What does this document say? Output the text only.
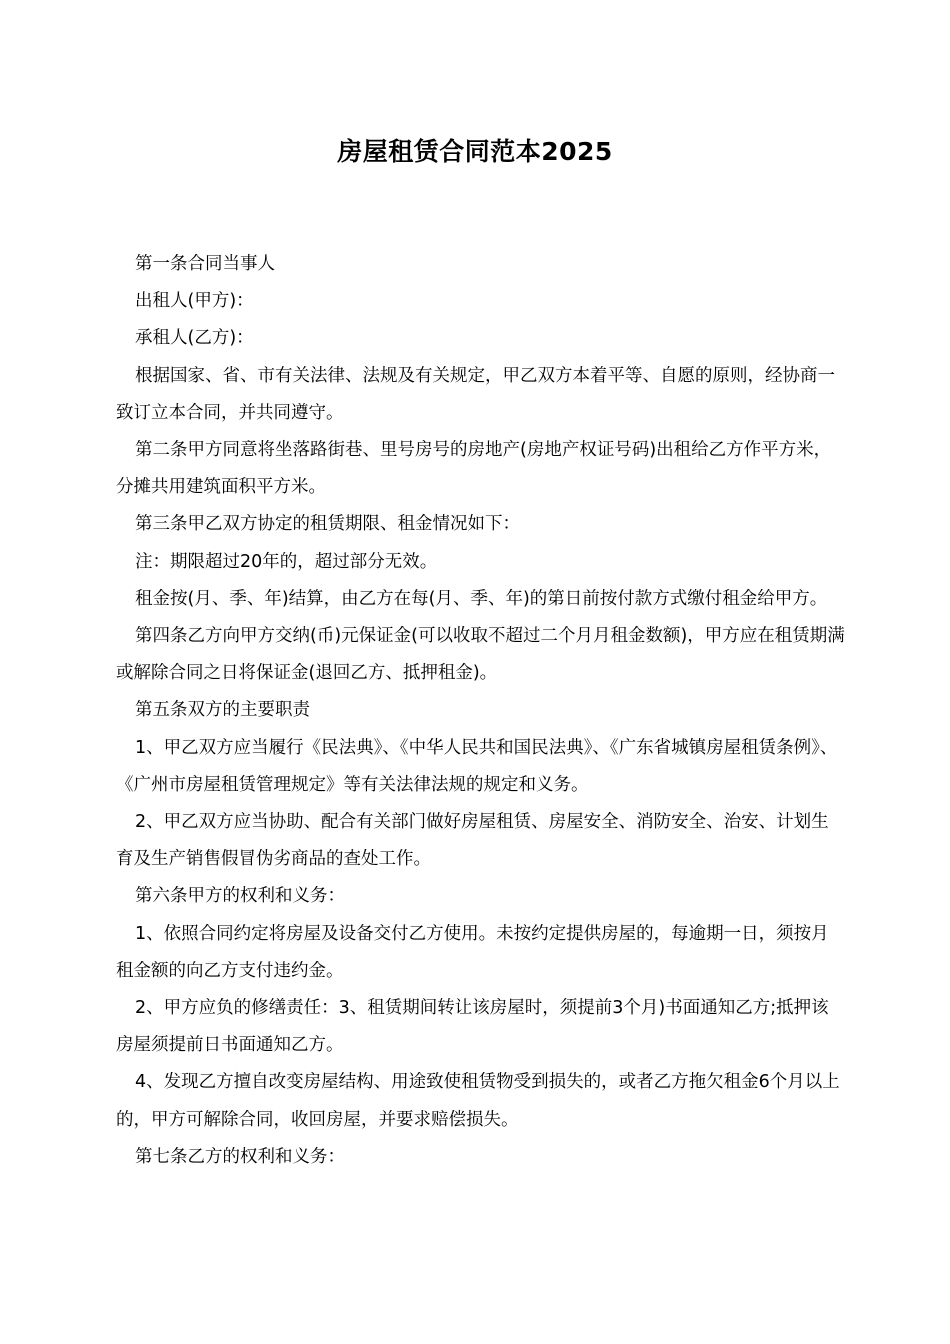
房屋租赁合同范本2025

第一条合同当事人

出租人(甲方)：

承租人(乙方)：

根据国家、省、市有关法律、法规及有关规定，甲乙双方本着平等、自愿的原则，经协商一致订立本合同，并共同遵守。

第二条甲方同意将坐落路街巷、里号房号的房地产(房地产权证号码)出租给乙方作平方米，分摊共用建筑面积平方米。

第三条甲乙双方协定的租赁期限、租金情况如下：

注：期限超过20年的，超过部分无效。

租金按(月、季、年)结算，由乙方在每(月、季、年)的第日前按付款方式缴付租金给甲方。

第四条乙方向甲方交纳(币)元保证金(可以收取不超过二个月月租金数额)，甲方应在租赁期满或解除合同之日将保证金(退回乙方、抵押租金)。

第五条双方的主要职责

1、甲乙双方应当履行《民法典》、《中华人民共和国民法典》、《广东省城镇房屋租赁条例》、《广州市房屋租赁管理规定》等有关法律法规的规定和义务。

2、甲乙双方应当协助、配合有关部门做好房屋租赁、房屋安全、消防安全、治安、计划生育及生产销售假冒伪劣商品的查处工作。

第六条甲方的权利和义务：

1、依照合同约定将房屋及设备交付乙方使用。未按约定提供房屋的，每逾期一日，须按月租金额的向乙方支付违约金。

2、甲方应负的修缮责任：3、租赁期间转让该房屋时，须提前3个月)书面通知乙方;抵押该房屋须提前日书面通知乙方。

4、发现乙方擅自改变房屋结构、用途致使租赁物受到损失的，或者乙方拖欠租金6个月以上的，甲方可解除合同，收回房屋，并要求赔偿损失。

第七条乙方的权利和义务：
